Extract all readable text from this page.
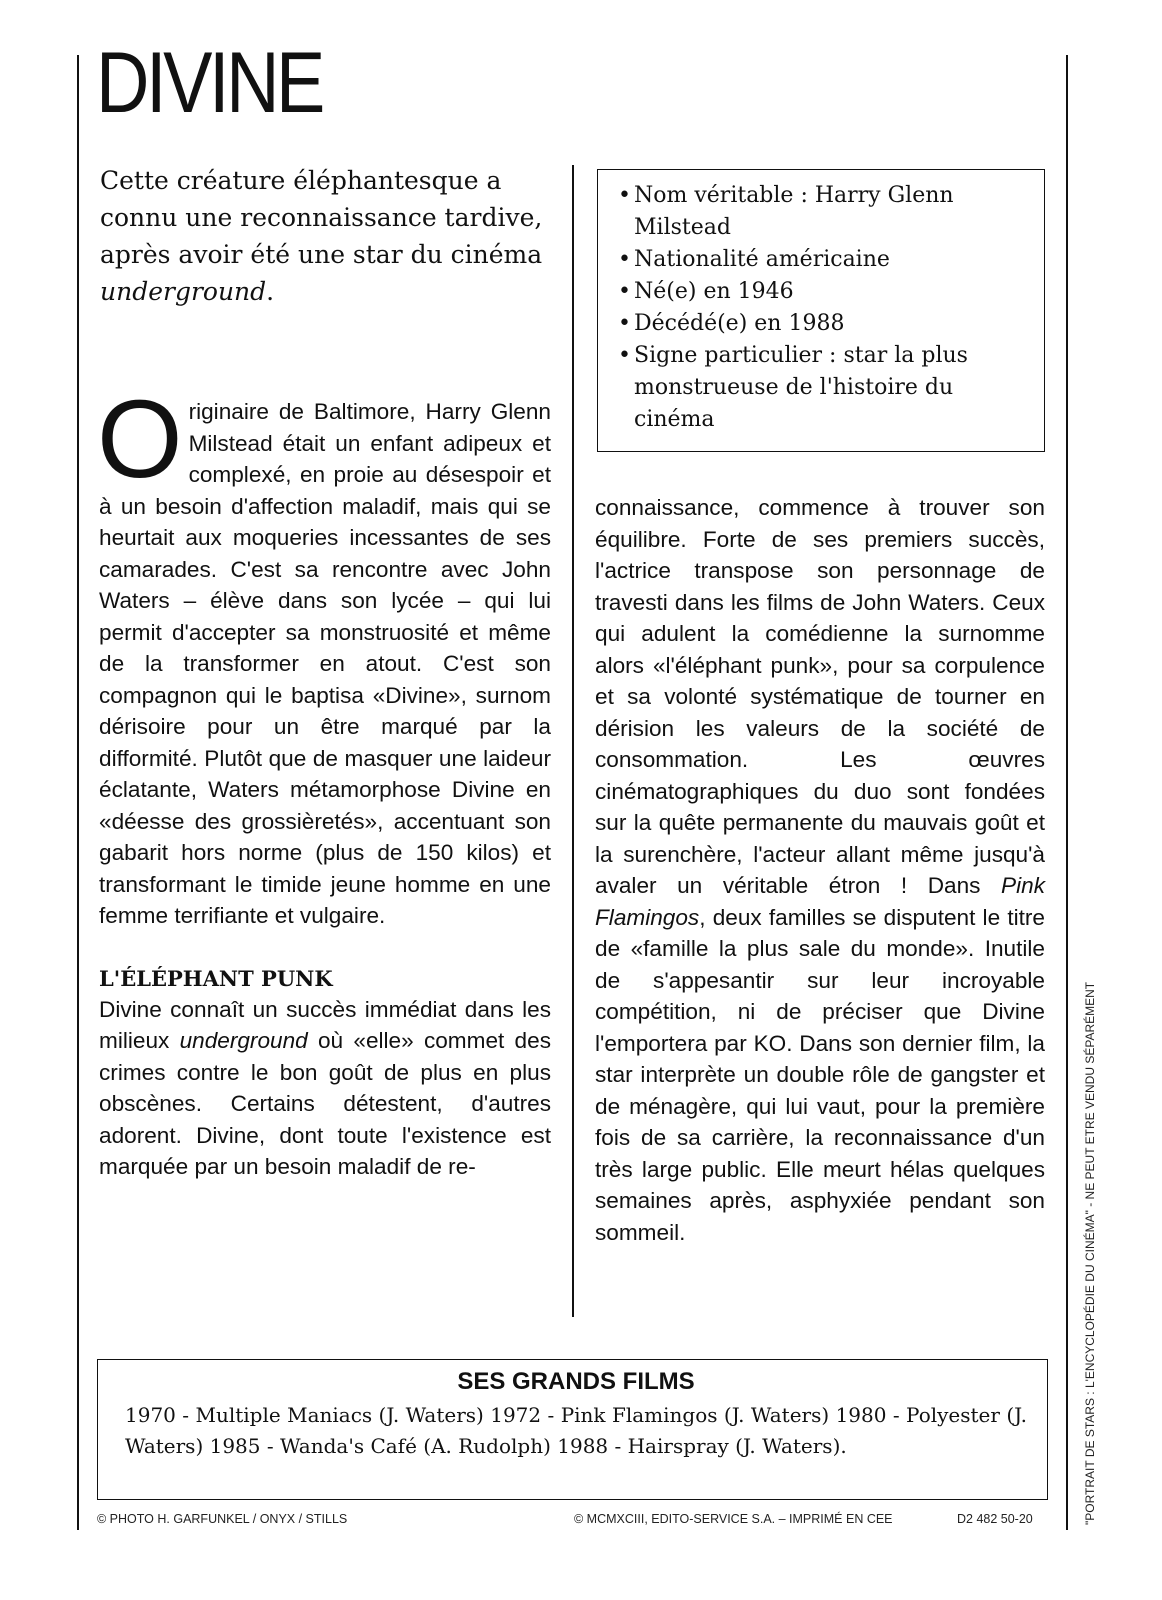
DIVINE

Cette créature éléphantesque a connu une reconnaissance tardive, après avoir été une star du cinéma underground.

Originaire de Baltimore, Harry Glenn Milstead était un enfant adipeux et complexé, en proie au désespoir et à un besoin d'affection maladif, mais qui se heurtait aux moqueries incessantes de ses camarades. C'est sa rencontre avec John Waters – élève dans son lycée – qui lui permit d'accepter sa monstruosité et même de la transformer en atout. C'est son compagnon qui le baptisa «Divine», surnom dérisoire pour un être marqué par la difformité. Plutôt que de masquer une laideur éclatante, Waters métamorphose Divine en «déesse des grossièretés», accentuant son gabarit hors norme (plus de 150 kilos) et transformant le timide jeune homme en une femme terrifiante et vulgaire.

L'ÉLÉPHANT PUNK

Divine connaît un succès immédiat dans les milieux underground où «elle» commet des crimes contre le bon goût de plus en plus obscènes. Certains détestent, d'autres adorent. Divine, dont toute l'existence est marquée par un besoin maladif de re-

• Nom véritable : Harry Glenn Milstead
• Nationalité américaine
• Né(e) en 1946
• Décédé(e) en 1988
• Signe particulier : star la plus monstrueuse de l'histoire du cinéma

connaissance, commence à trouver son équilibre. Forte de ses premiers succès, l'actrice transpose son personnage de travesti dans les films de John Waters. Ceux qui adulent la comédienne la surnomme alors «l'éléphant punk», pour sa corpulence et sa volonté systématique de tourner en dérision les valeurs de la société de consommation. Les œuvres cinématographiques du duo sont fondées sur la quête permanente du mauvais goût et la surenchère, l'acteur allant même jusqu'à avaler un véritable étron ! Dans Pink Flamingos, deux familles se disputent le titre de «famille la plus sale du monde». Inutile de s'appesantir sur leur incroyable compétition, ni de préciser que Divine l'emportera par KO. Dans son dernier film, la star interprète un double rôle de gangster et de ménagère, qui lui vaut, pour la première fois de sa carrière, la reconnaissance d'un très large public. Elle meurt hélas quelques semaines après, asphyxiée pendant son sommeil.

SES GRANDS FILMS

1970 - Multiple Maniacs (J. Waters) 1972 - Pink Flamingos (J. Waters) 1980 - Polyester (J. Waters) 1985 - Wanda's Café (A. Rudolph) 1988 - Hairspray (J. Waters).
© PHOTO H. GARFUNKEL / ONYX / STILLS	© MCMXCIII, EDITO-SERVICE S.A. – IMPRIMÉ EN CEE	D2 482 50-20	"PORTRAIT DE STARS : L'ENCYCLOPÉDIE DU CINÉMA" - NE PEUT ETRE VENDU SÉPARÉMENT
